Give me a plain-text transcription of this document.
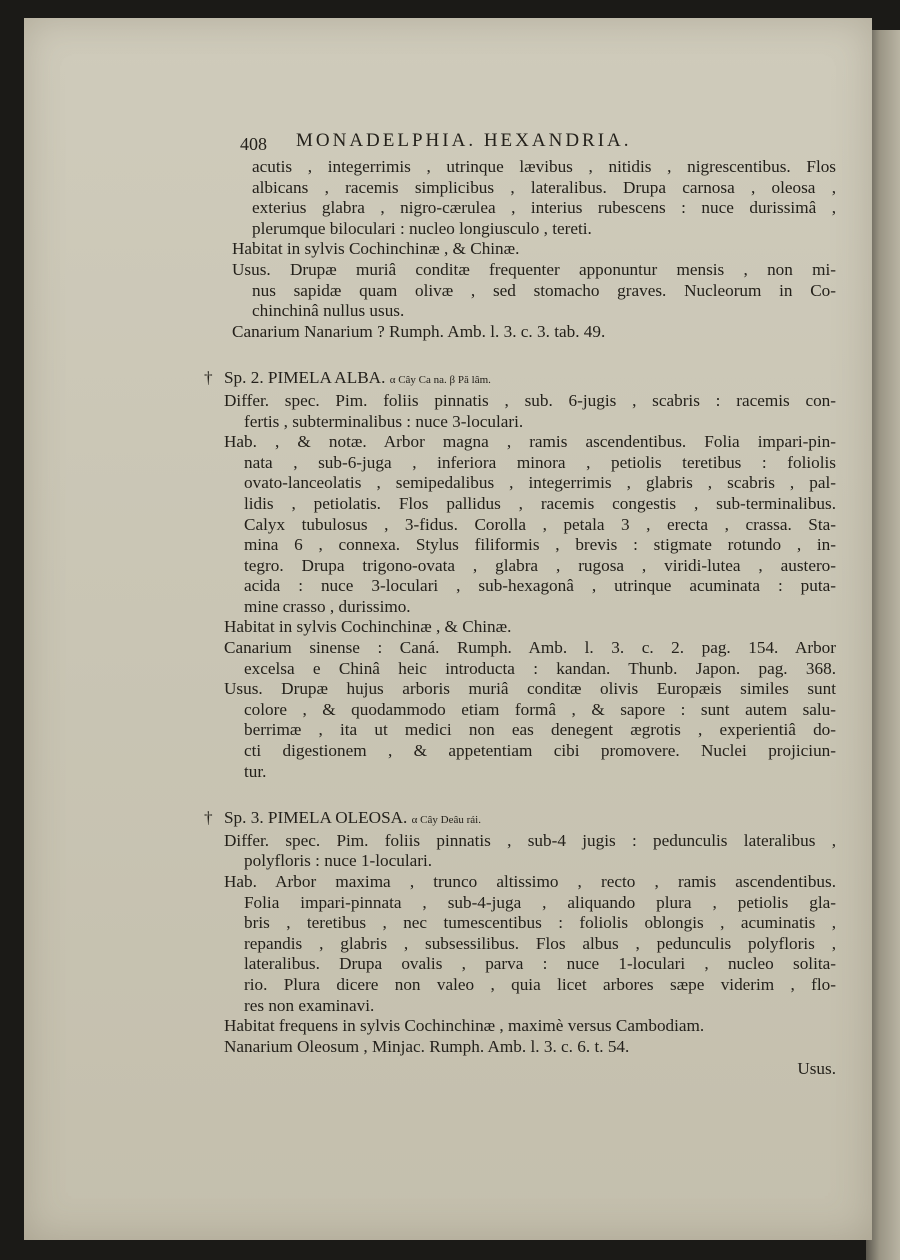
408 MONADELPHIA. HEXANDRIA.
acutis , integerrimis , utrinque lævibus , nitidis , nigrescentibus. Flos
albicans , racemis simplicibus , lateralibus. Drupa carnosa , oleosa ,
exterius glabra , nigro-cærulea , interius rubescens : nuce durissimâ ,
plerumque biloculari : nucleo longiusculo , tereti.
Habitat in sylvis Cochinchinæ , & Chinæ.
Usus. Drupæ muriâ conditæ frequenter apponuntur mensis , non mi-
nus sapidæ quam olivæ , sed stomacho graves. Nucleorum in Co-
chinchinâ nullus usus.
Canarium Nanarium ? Rumph. Amb. l. 3. c. 3. tab. 49.
† Sp. 2. PIMELA ALBA. α Cây Ca na. β Pă lâm.
Differ. spec. Pim. foliis pinnatis , sub. 6-jugis , scabris : racemis con-
fertis , subterminalibus : nuce 3-loculari.
Hab. , & notæ. Arbor magna , ramis ascendentibus. Folia impari-pin-
nata , sub-6-juga , inferiora minora , petiolis teretibus : foliolis
ovato-lanceolatis , semipedalibus , integerrimis , glabris , scabris , pal-
lidis , petiolatis. Flos pallidus , racemis congestis , sub-terminalibus.
Calyx tubulosus , 3-fidus. Corolla , petala 3 , erecta , crassa. Sta-
mina 6 , connexa. Stylus filiformis , brevis : stigmate rotundo , in-
tegro. Drupa trigono-ovata , glabra , rugosa , viridi-lutea , austero-
acida : nuce 3-loculari , sub-hexagonâ , utrinque acuminata : puta-
mine crasso , durissimo.
Habitat in sylvis Cochinchinæ , & Chinæ.
Canarium sinense : Caná. Rumph. Amb. l. 3. c. 2. pag. 154. Arbor
excelsa e Chinâ heic introducta : kandan. Thunb. Japon. pag. 368.
Usus. Drupæ hujus arboris muriâ conditæ olivis Europæis similes sunt
colore , & quodammodo etiam formâ , & sapore : sunt autem salu-
berrimæ , ita ut medici non eas denegent ægrotis , experientiâ do-
cti digestionem , & appetentiam cibi promovere. Nuclei projiciun-
tur.
† Sp. 3. PIMELA OLEOSA. α Cây Deâu rái.
Differ. spec. Pim. foliis pinnatis , sub-4 jugis : pedunculis lateralibus ,
polyfloris : nuce 1-loculari.
Hab. Arbor maxima , trunco altissimo , recto , ramis ascendentibus.
Folia impari-pinnata , sub-4-juga , aliquando plura , petiolis gla-
bris , teretibus , nec tumescentibus : foliolis oblongis , acuminatis ,
repandis , glabris , subsessilibus. Flos albus , pedunculis polyfloris ,
lateralibus. Drupa ovalis , parva : nuce 1-loculari , nucleo solita-
rio. Plura dicere non valeo , quia licet arbores sæpe viderim , flo-
res non examinavi.
Habitat frequens in sylvis Cochinchinæ , maximè versus Cambodiam.
Nanarium Oleosum , Minjac. Rumph. Amb. l. 3. c. 6. t. 54.
Usus.
